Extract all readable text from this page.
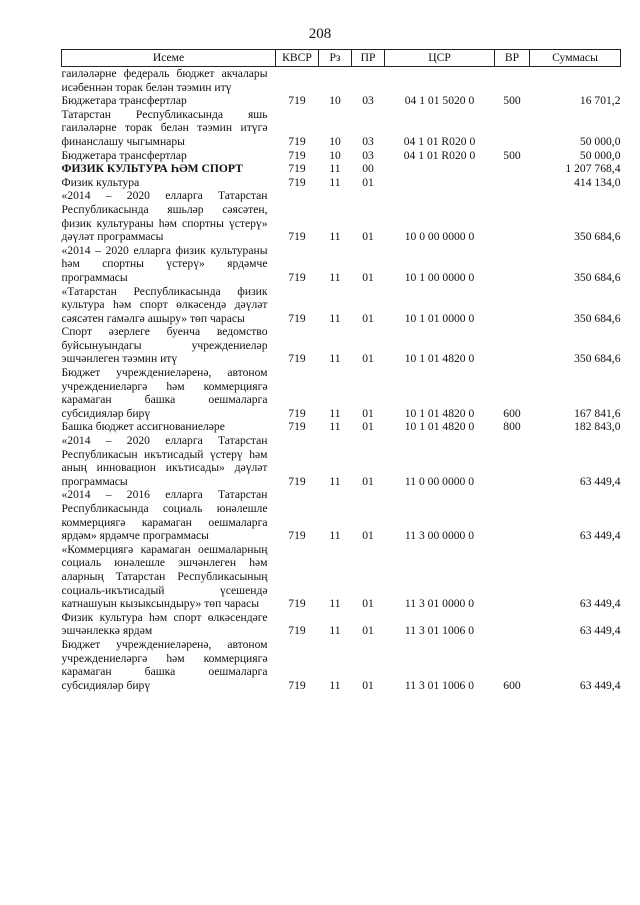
208
Исеме	КВСР	Рз	ПР	ЦСР	ВР	Суммасы
гаиләләрне федераль бюджет акчалары исәбеннән торак белән тәэмин итү						
Бюджетара трансфертлар	719	10	03	04 1 01 5020 0	500	16 701,2
Татарстан Республикасында яшь гаиләләрне торак белән тәэмин итүгә финанслашу чыгымнары	719	10	03	04 1 01 R020 0		50 000,0
Бюджетара трансфертлар	719	10	03	04 1 01 R020 0	500	50 000,0
ФИЗИК КУЛЬТУРА ҺӘМ СПОРТ	719	11	00			1 207 768,4
Физик культура	719	11	01			414 134,0
«2014 – 2020 елларга Татарстан Республикасында яшьләр сәясәтен, физик культураны һәм спортны үстерү» дәүләт программасы	719	11	01	10 0 00 0000 0		350 684,6
«2014 – 2020 елларга физик культураны һәм спортны үстерү» ярдәмче программасы	719	11	01	10 1 00 0000 0		350 684,6
«Татарстан Республикасында физик культура һәм спорт өлкәсендә дәүләт сәясәтен гамәлгә ашыру» төп чарасы	719	11	01	10 1 01 0000 0		350 684,6
Спорт әзерлеге буенча ведомство буйсынуындагы учреждениеләр эшчәнлеген тәэмин итү	719	11	01	10 1 01 4820 0		350 684,6
Бюджет учреждениеләренә, автоном учреждениеләргә һәм коммерциягә карамаган башка оешмаларга субсидияләр бирү	719	11	01	10 1 01 4820 0	600	167 841,6
Башка бюджет ассигнованиеләре	719	11	01	10 1 01 4820 0	800	182 843,0
«2014 – 2020 елларга Татарстан Республикасын икътисадый үстерү һәм аның инновацион икътисады» дәүләт программасы	719	11	01	11 0 00 0000 0		63 449,4
«2014 – 2016 елларга Татарстан Республикасында социаль юнәлешле коммерциягә карамаган оешмаларга ярдәм» ярдәмче программасы	719	11	01	11 3 00 0000 0		63 449,4
«Коммерциягә карамаган оешмаларның социаль юнәлешле эшчәнлеген һәм аларның Татарстан Республикасының социаль-икътисадый үсешендә катнашуын кызыксындыру» төп чарасы	719	11	01	11 3 01 0000 0		63 449,4
Физик культура һәм спорт өлкәсендәге эшчәнлеккә ярдәм	719	11	01	11 3 01 1006 0		63 449,4
Бюджет учреждениеләренә, автоном учреждениеләргә һәм коммерциягә карамаган башка оешмаларга субсидияләр бирү	719	11	01	11 3 01 1006 0	600	63 449,4
